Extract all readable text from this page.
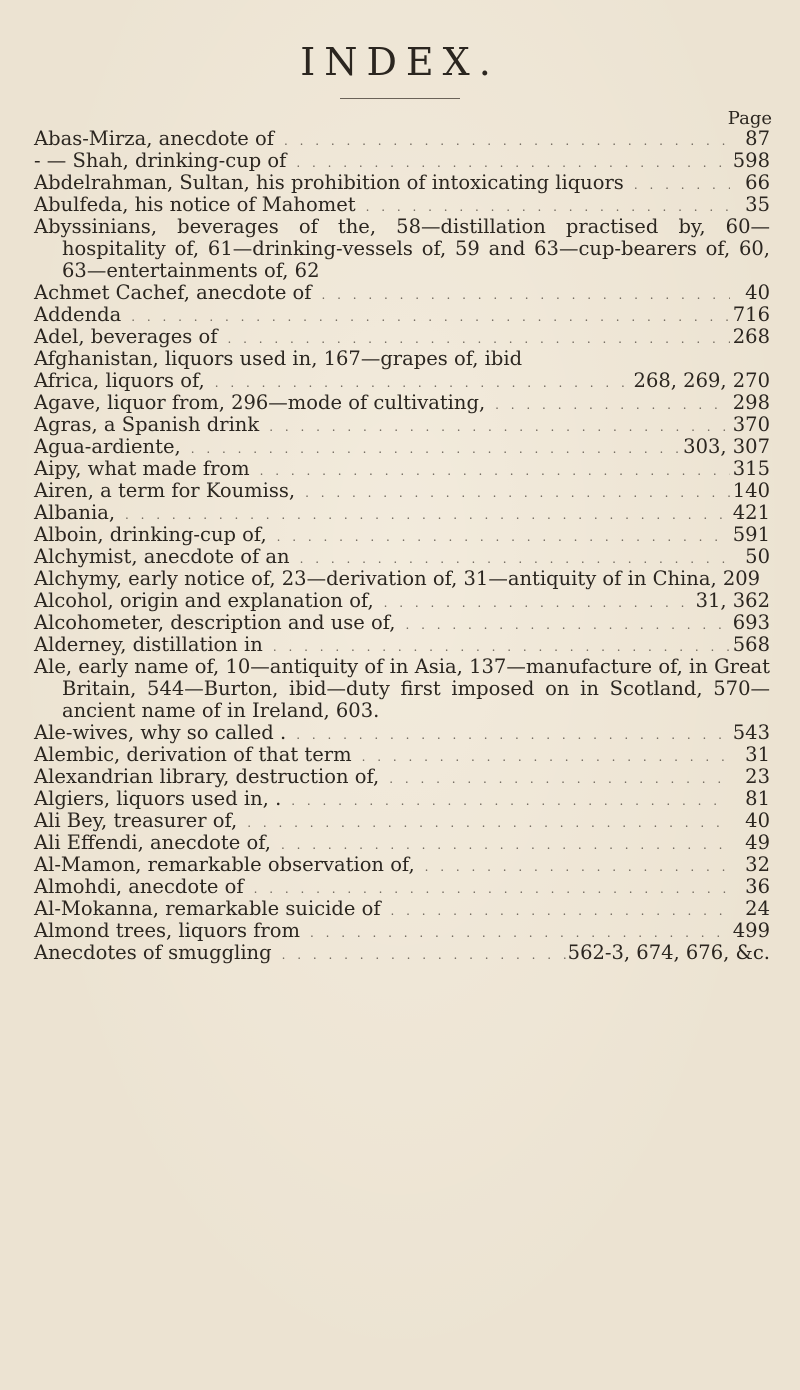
INDEX.
Page
Abas-Mirza, anecdote of . . .	87
- — Shah, drinking-cup of . . .	598
Abdelrahman, Sultan, his prohibition of intoxicating liquors . . .	66
Abulfeda, his notice of Mahomet . . .	35
Abyssinians, beverages of the, 58—distillation practised by, 60—hospitality of, 61—drinking-vessels of, 59 and 63—cup-bearers of, 60, 63—entertainments of, 62
Achmet Cachef, anecdote of . . .	40
Addenda . . .	716
Adel, beverages of . . .	268
Afghanistan, liquors used in, 167—grapes of, ibid
Africa, liquors of, . . .	268, 269, 270
Agave, liquor from, 296—mode of cultivating, . . .	298
Agras, a Spanish drink . . .	370
Agua-ardiente, . . .	303, 307
Aipy, what made from . . .	315
Airen, a term for Koumiss, . . .	140
Albania, . . .	421
Alboin, drinking-cup of, . . .	591
Alchymist, anecdote of an . . .	50
Alchymy, early notice of, 23—derivation of, 31—antiquity of in China, 209
Alcohol, origin and explanation of, . . .	31, 362
Alcohometer, description and use of, . . .	693
Alderney, distillation in . . .	568
Ale, early name of, 10—antiquity of in Asia, 137—manufacture of, in Great Britain, 544—Burton, ibid—duty first imposed on in Scotland, 570—ancient name of in Ireland, 603.
Ale-wives, why so called . . . .	543
Alembic, derivation of that term . . .	31
Alexandrian library, destruction of, . . .	23
Algiers, liquors used in, . . . .	81
Ali Bey, treasurer of, . . .	40
Ali Effendi, anecdote of, . . .	49
Al-Mamon, remarkable observation of, . . .	32
Almohdi, anecdote of . . .	36
Al-Mokanna, remarkable suicide of . . .	24
Almond trees, liquors from . . .	499
Anecdotes of smuggling . . .	562-3, 674, 676, &c.
